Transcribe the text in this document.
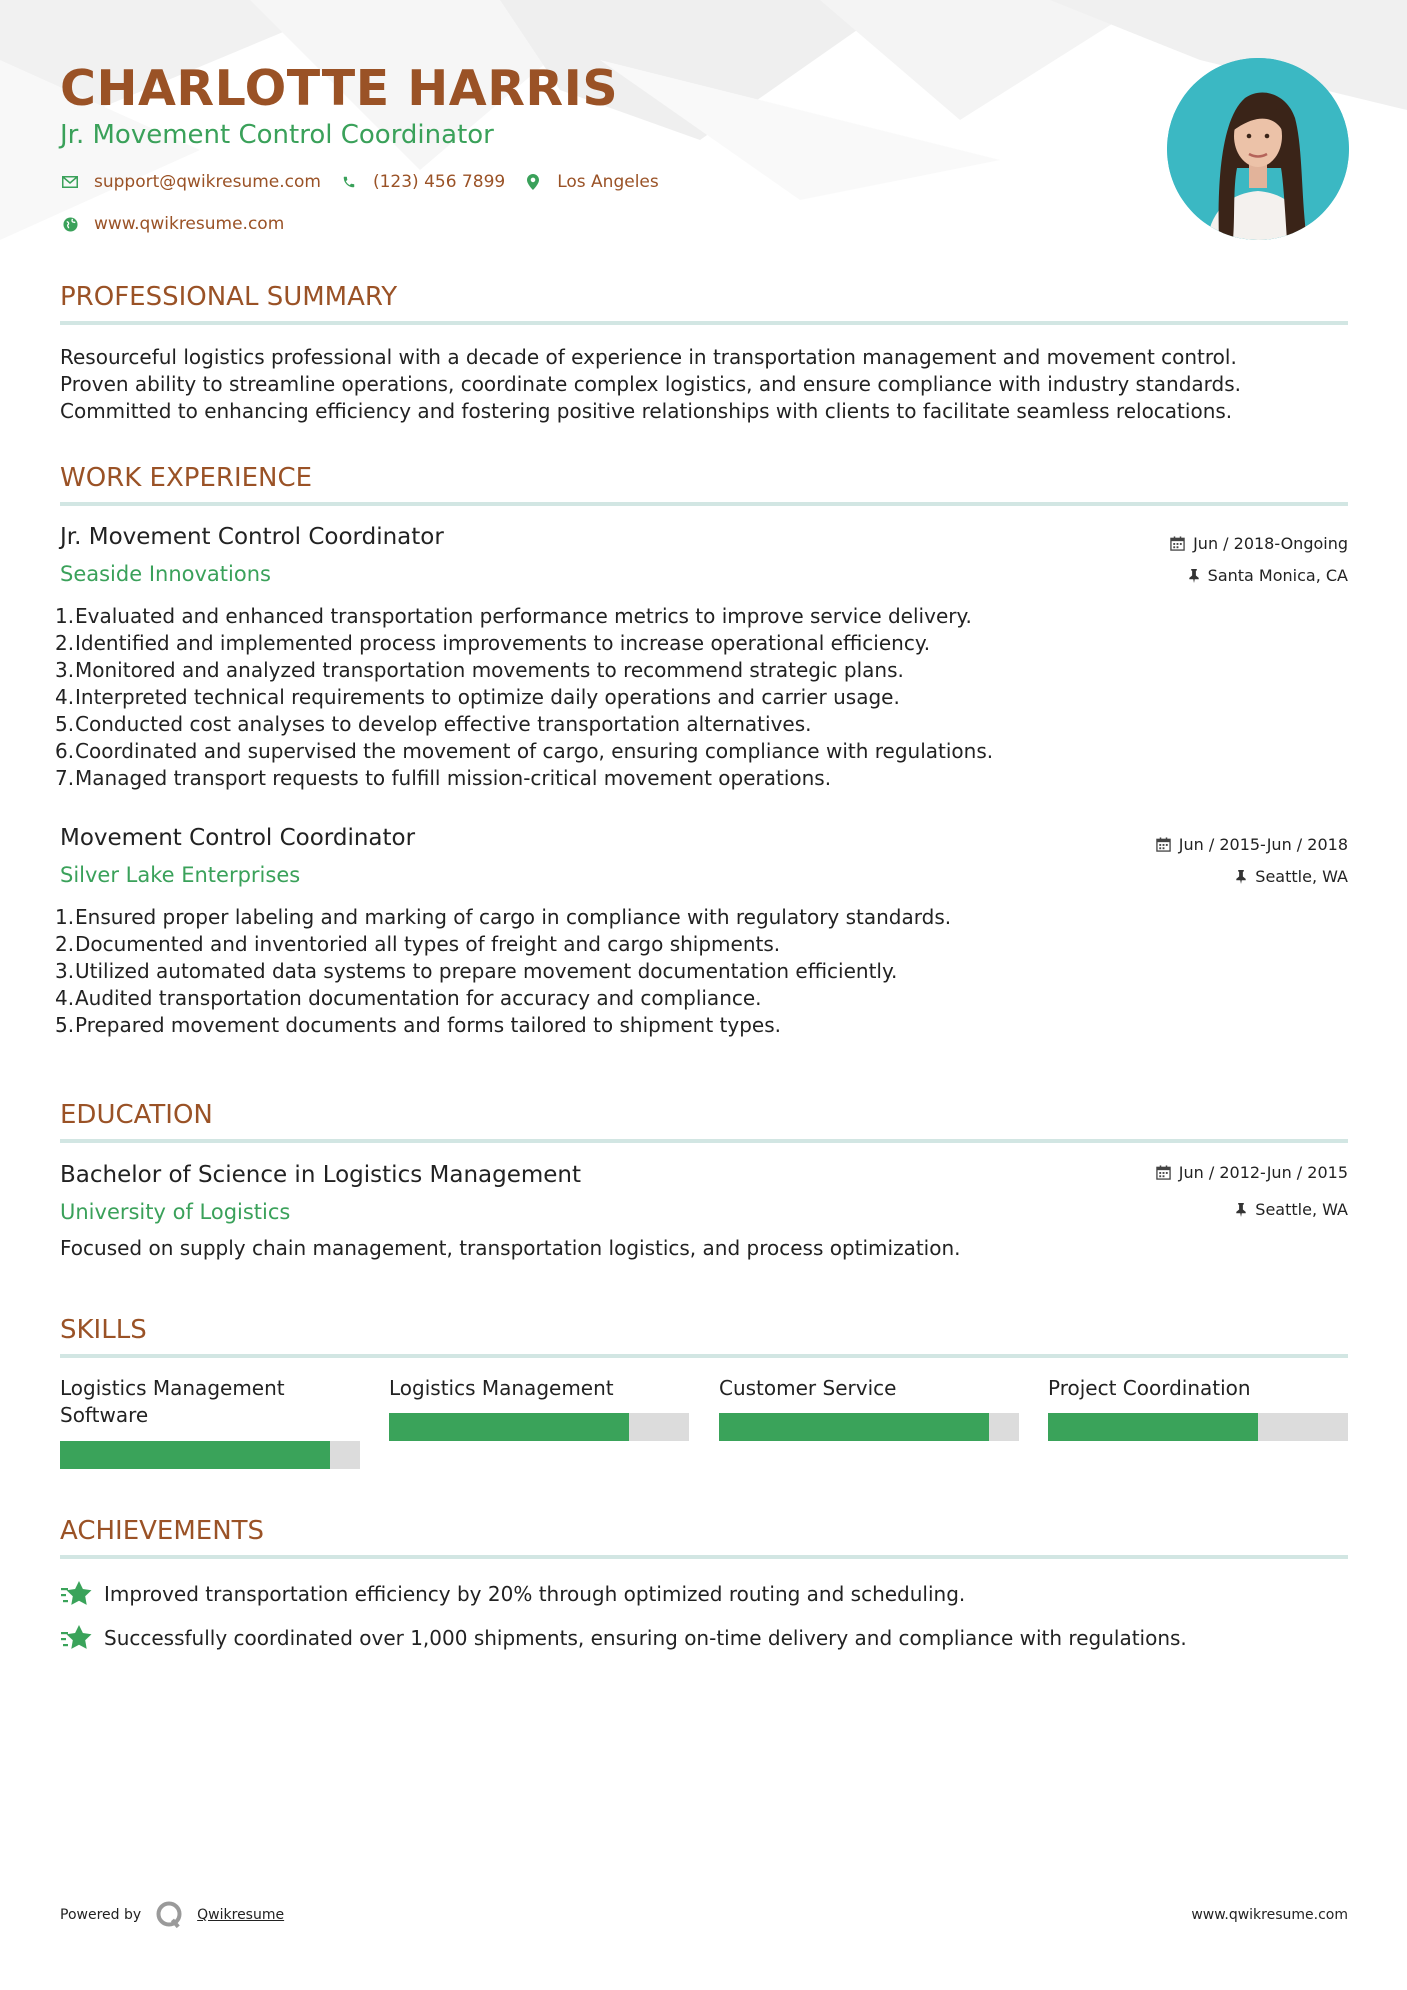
CHARLOTTE HARRIS
Jr. Movement Control Coordinator
support@qwikresume.com	(123) 456 7899	Los Angeles
www.qwikresume.com
PROFESSIONAL SUMMARY
Resourceful logistics professional with a decade of experience in transportation management and movement control.
Proven ability to streamline operations, coordinate complex logistics, and ensure compliance with industry standards.
Committed to enhancing efficiency and fostering positive relationships with clients to facilitate seamless relocations.
WORK EXPERIENCE
Jr. Movement Control Coordinator
Seaside Innovations
Jun / 2018-Ongoing
Santa Monica, CA
1. Evaluated and enhanced transportation performance metrics to improve service delivery.
2. Identified and implemented process improvements to increase operational efficiency.
3. Monitored and analyzed transportation movements to recommend strategic plans.
4. Interpreted technical requirements to optimize daily operations and carrier usage.
5. Conducted cost analyses to develop effective transportation alternatives.
6. Coordinated and supervised the movement of cargo, ensuring compliance with regulations.
7. Managed transport requests to fulfill mission-critical movement operations.
Movement Control Coordinator
Silver Lake Enterprises
Jun / 2015-Jun / 2018
Seattle, WA
1. Ensured proper labeling and marking of cargo in compliance with regulatory standards.
2. Documented and inventoried all types of freight and cargo shipments.
3. Utilized automated data systems to prepare movement documentation efficiently.
4. Audited transportation documentation for accuracy and compliance.
5. Prepared movement documents and forms tailored to shipment types.
EDUCATION
Bachelor of Science in Logistics Management
University of Logistics
Jun / 2012-Jun / 2015
Seattle, WA
Focused on supply chain management, transportation logistics, and process optimization.
SKILLS
Logistics Management
Software
Logistics Management	Customer Service	Project Coordination
ACHIEVEMENTS
Improved transportation efficiency by 20% through optimized routing and scheduling.
Successfully coordinated over 1,000 shipments, ensuring on-time delivery and compliance with regulations.
Powered by	Qwikresume	www.qwikresume.com
